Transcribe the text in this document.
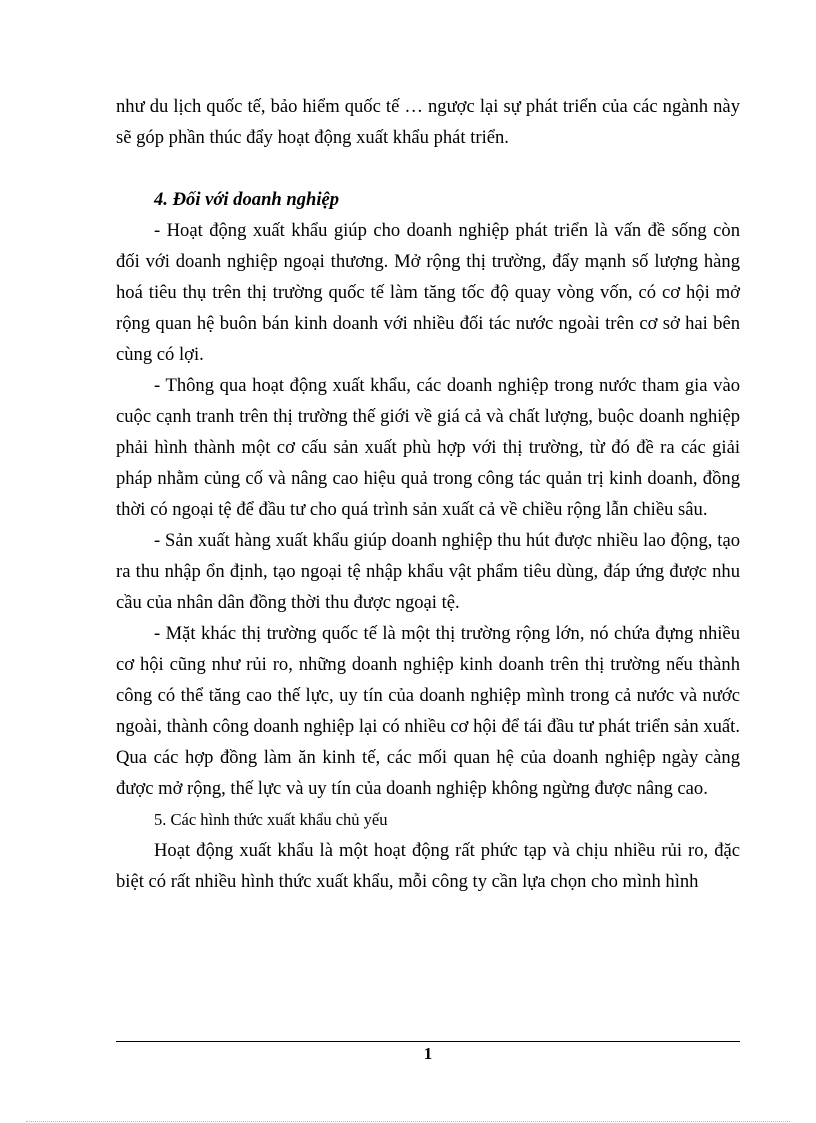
như du lịch quốc tế, bảo hiểm quốc tế … ngược lại sự phát triển của các ngành này sẽ góp phần thúc đẩy hoạt động xuất khẩu phát triển.

4. Đối với doanh nghiệp

- Hoạt động xuất khẩu giúp cho doanh nghiệp phát triển là vấn đề sống còn đối với doanh nghiệp ngoại thương. Mở rộng thị trường, đẩy mạnh số lượng hàng hoá tiêu thụ trên thị trường quốc tế làm tăng tốc độ quay vòng vốn, có cơ hội mở rộng quan hệ buôn bán kinh doanh với nhiều đối tác nước ngoài trên cơ sở hai bên cùng có lợi.

- Thông qua hoạt động xuất khẩu, các doanh nghiệp trong nước tham gia vào cuộc cạnh tranh trên thị trường thế giới về giá cả và chất lượng, buộc doanh nghiệp phải hình thành một cơ cấu sản xuất phù hợp với thị trường, từ đó đề ra các giải pháp nhằm củng cố và nâng cao hiệu quả trong công tác quản trị kinh doanh, đồng thời có ngoại tệ để đầu tư cho quá trình sản xuất cả về chiều rộng lẫn chiều sâu.

- Sản xuất hàng xuất khẩu giúp doanh nghiệp thu hút được nhiều lao động, tạo ra thu nhập ổn định, tạo ngoại tệ nhập khẩu vật phẩm tiêu dùng, đáp ứng được nhu cầu của nhân dân đồng thời thu được ngoại tệ.

- Mặt khác thị trường quốc tế là một thị trường rộng lớn, nó chứa đựng nhiều cơ hội cũng như rủi ro, những doanh nghiệp kinh doanh trên thị trường nếu thành công có thể tăng cao thế lực, uy tín của doanh nghiệp mình trong cả nước và nước ngoài, thành công doanh nghiệp lại có nhiều cơ hội để tái đầu tư phát triển sản xuất. Qua các hợp đồng làm ăn kinh tế, các mối quan hệ của doanh nghiệp ngày càng được mở rộng, thế lực và uy tín của doanh nghiệp không ngừng được nâng cao.

5. Các hình thức xuất khẩu chủ yếu

Hoạt động xuất khẩu là một hoạt động rất phức tạp và chịu nhiều rủi ro, đặc biệt có rất nhiều hình thức xuất khẩu, mỗi công ty cần lựa chọn cho mình hình

1
